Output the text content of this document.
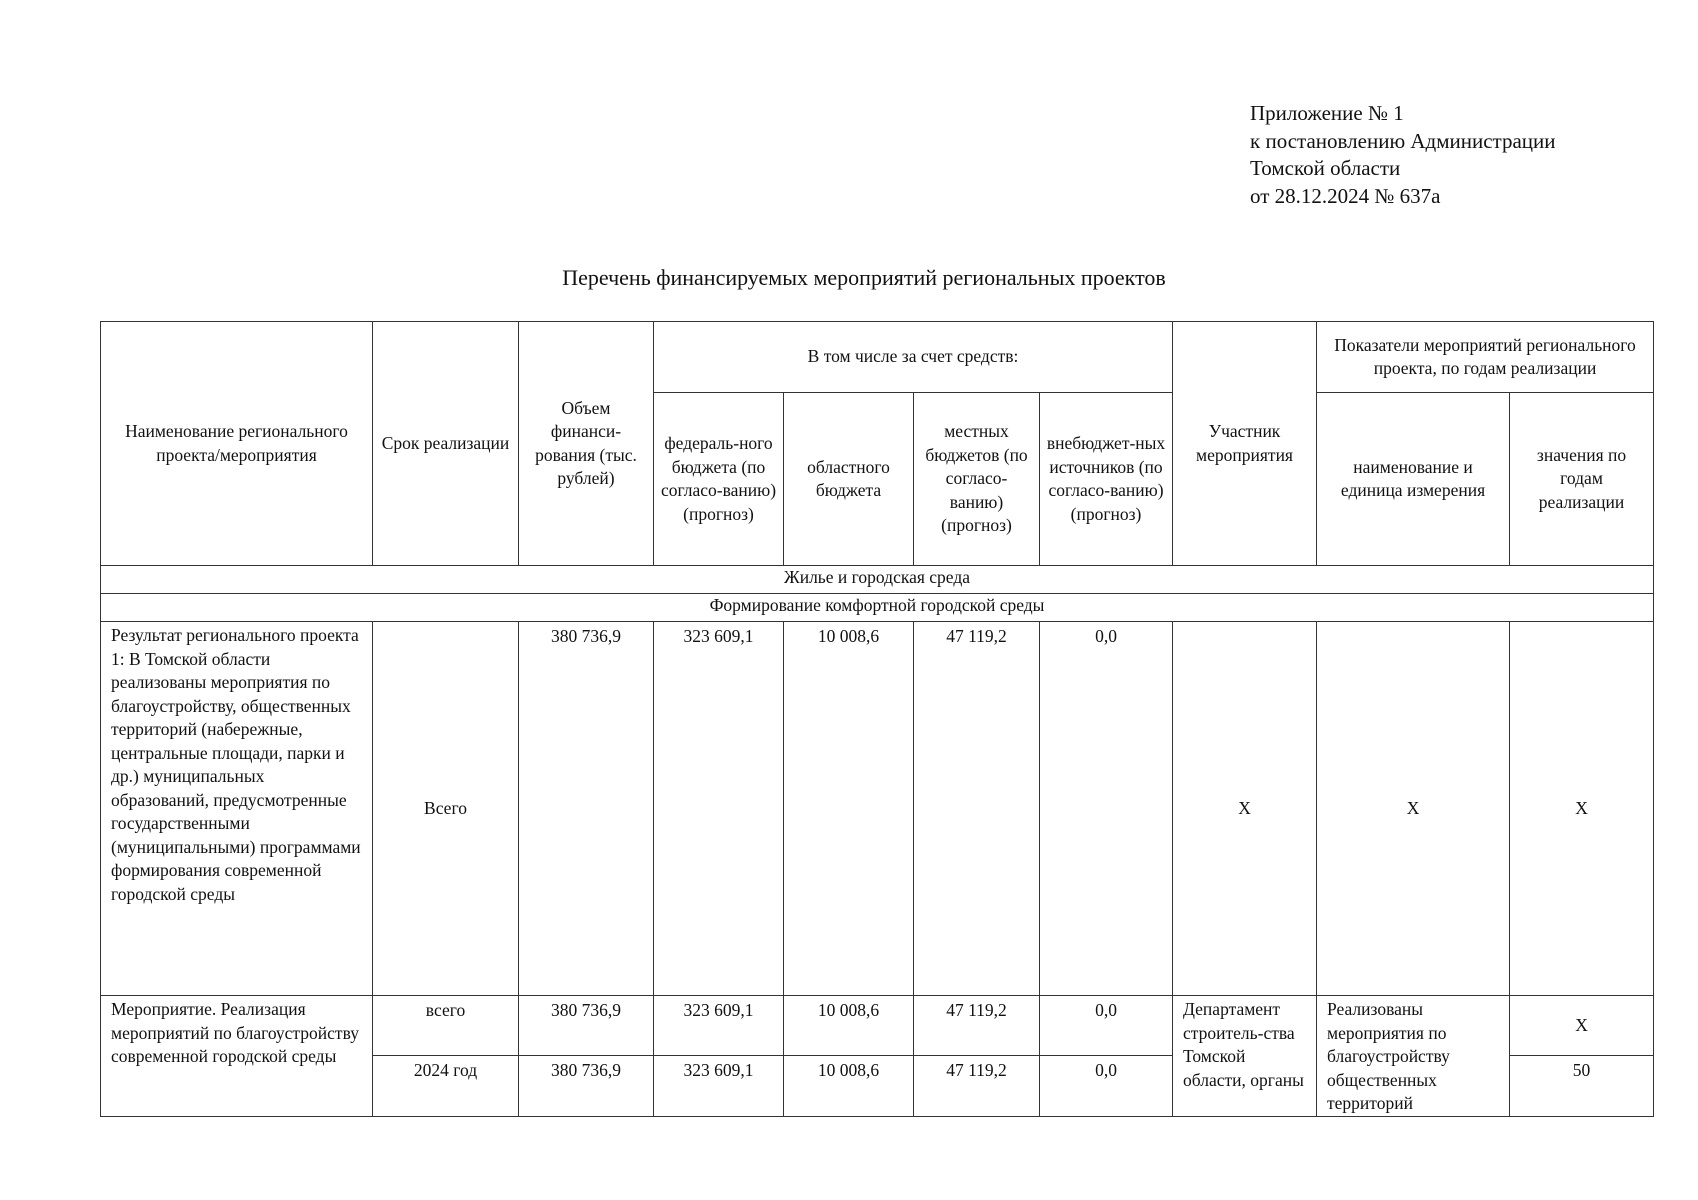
Приложение № 1
к постановлению Администрации
Томской области
от 28.12.2024 № 637а
Перечень финансируемых мероприятий региональных проектов
Наименование регионального проекта/мероприятия	Срок реализации	Объем финанси-рования (тыс. рублей)	В том числе за счет средств:				Участник мероприятия	Показатели мероприятий регионального проекта, по годам реализации	
			федераль-ного бюджета (по согласо-ванию) (прогноз)	областного бюджета	местных бюджетов (по согласо-ванию) (прогноз)	внебюджет-ных источников (по согласо-ванию) (прогноз)		наименование и единица измерения	значения по годам реализации
Жилье и городская среда									
Формирование комфортной городской среды									
Результат регионального проекта 1: В Томской области реализованы мероприятия по благоустройству, общественных территорий (набережные, центральные площади, парки и др.) муниципальных образований, предусмотренные государственными (муниципальными) программами формирования современной городской среды	Всего	380 736,9	323 609,1	10 008,6	47 119,2	0,0	Х	Х	Х
Мероприятие. Реализация мероприятий по благоустройству современной городской среды	всего	380 736,9	323 609,1	10 008,6	47 119,2	0,0	Департамент строитель-ства Томской области, органы	Реализованы мероприятия по благоустройству общественных территорий	Х
	2024 год	380 736,9	323 609,1	10 008,6	47 119,2	0,0			50
